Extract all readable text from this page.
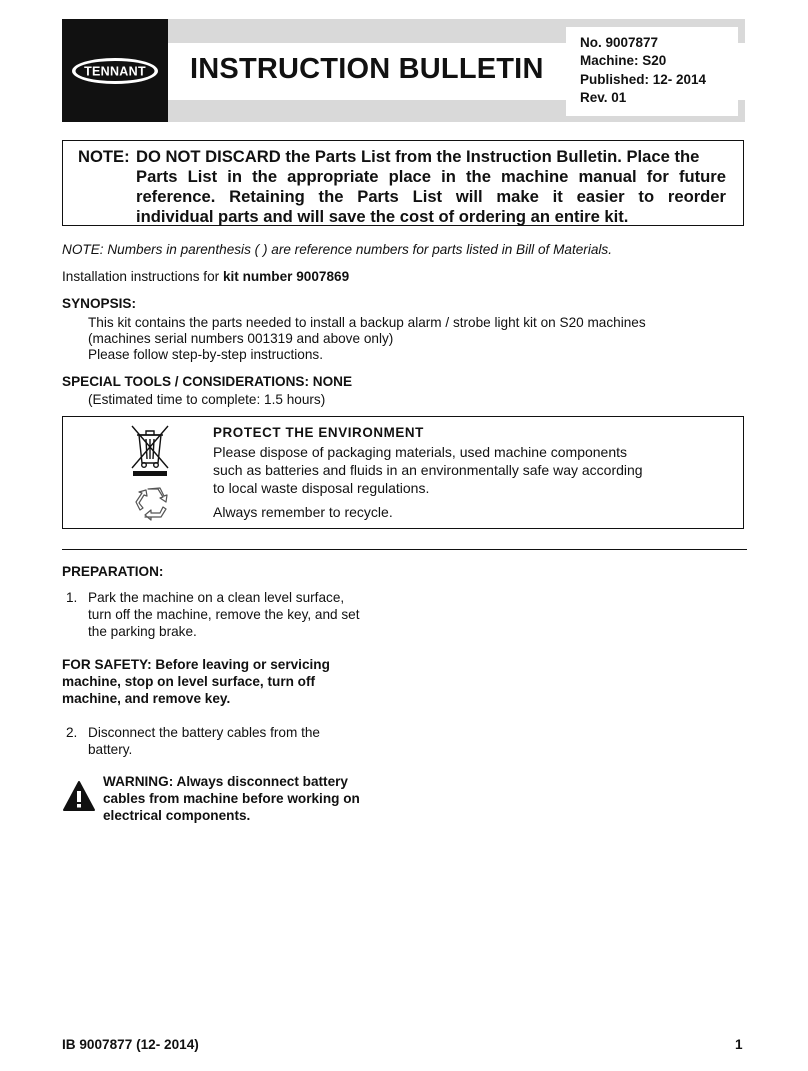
TENNANT INSTRUCTION BULLETIN
No. 9007877
Machine: S20
Published: 12- 2014
Rev. 01
NOTE: DO NOT DISCARD the Parts List from the Instruction Bulletin. Place the
Parts List in the appropriate place in the machine manual for future
reference. Retaining the Parts List will make it easier to reorder
individual parts and will save the cost of ordering an entire kit.
NOTE: Numbers in parenthesis ( ) are reference numbers for parts listed in Bill of Materials.
Installation instructions for kit number 9007869
SYNOPSIS:
This kit contains the parts needed to install a backup alarm / strobe light kit on S20 machines
(machines serial numbers 001319 and above only)
Please follow step-by-step instructions.
SPECIAL TOOLS / CONSIDERATIONS: NONE
(Estimated time to complete: 1.5 hours)
PROTECT THE ENVIRONMENT
Please dispose of packaging materials, used machine components
such as batteries and fluids in an environmentally safe way according
to local waste disposal regulations.
Always remember to recycle.
PREPARATION:
1. Park the machine on a clean level surface,
turn off the machine, remove the key, and set
the parking brake.
FOR SAFETY: Before leaving or servicing
machine, stop on level surface, turn off
machine, and remove key.
2. Disconnect the battery cables from the
battery.
WARNING: Always disconnect battery
cables from machine before working on
electrical components.
IB 9007877 (12- 2014)	1
